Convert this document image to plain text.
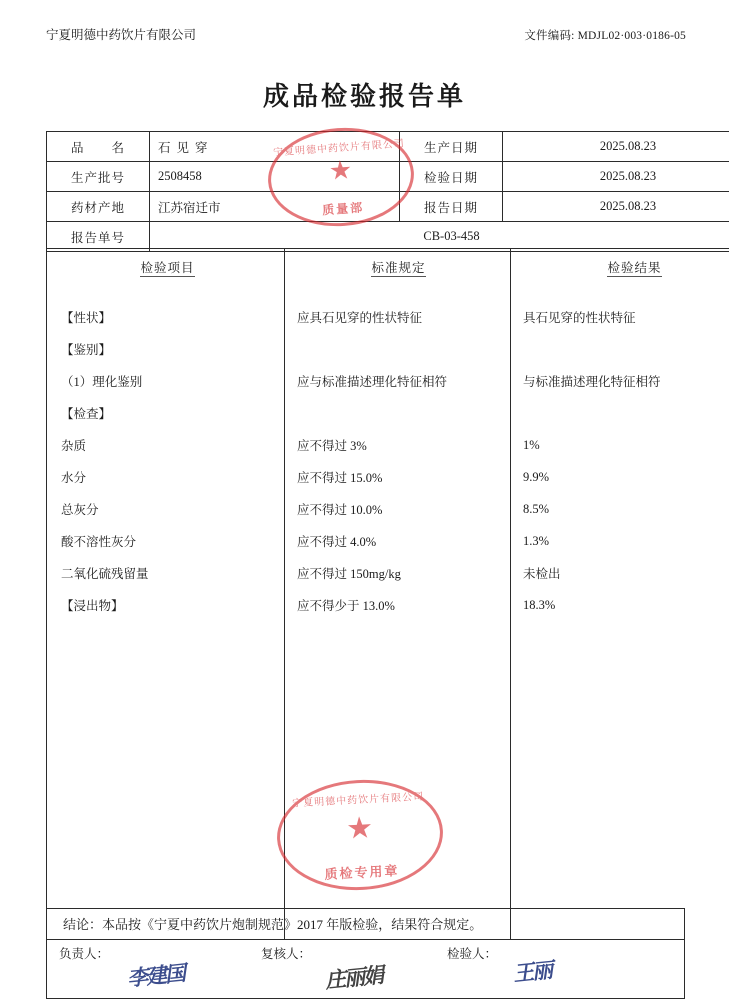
宁夏明德中药饮片有限公司	文件编码: MDJL02·003·0186-05
成品检验报告单
品　　名	石见穿	生产日期	2025.08.23
生产批号	2508458	检验日期	2025.08.23
药材产地	江苏宿迁市	报告日期	2025.08.23
报告单号	CB-03-458		
检验项目	标准规定	检验结果

【性状】	应具石见穿的性状特征	具石见穿的性状特征
【鉴别】		
（1）理化鉴别	应与标准描述理化特征相符	与标准描述理化特征相符
【检查】		
杂质	应不得过 3%	1%
水分	应不得过 15.0%	9.9%
总灰分	应不得过 10.0%	8.5%
酸不溶性灰分	应不得过 4.0%	1.3%
二氧化硫残留量	应不得过 150mg/kg	未检出
【浸出物】	应不得少于 13.0%	18.3%

结论：本品按《宁夏中药饮片炮制规范》2017 年版检验，结果符合规定。
负责人：	复核人：	检验人：
李建国	庄丽娟	王丽
宁夏明德中药饮片有限公司
★
质量部
宁夏明德中药饮片有限公司
★
质检专用章
